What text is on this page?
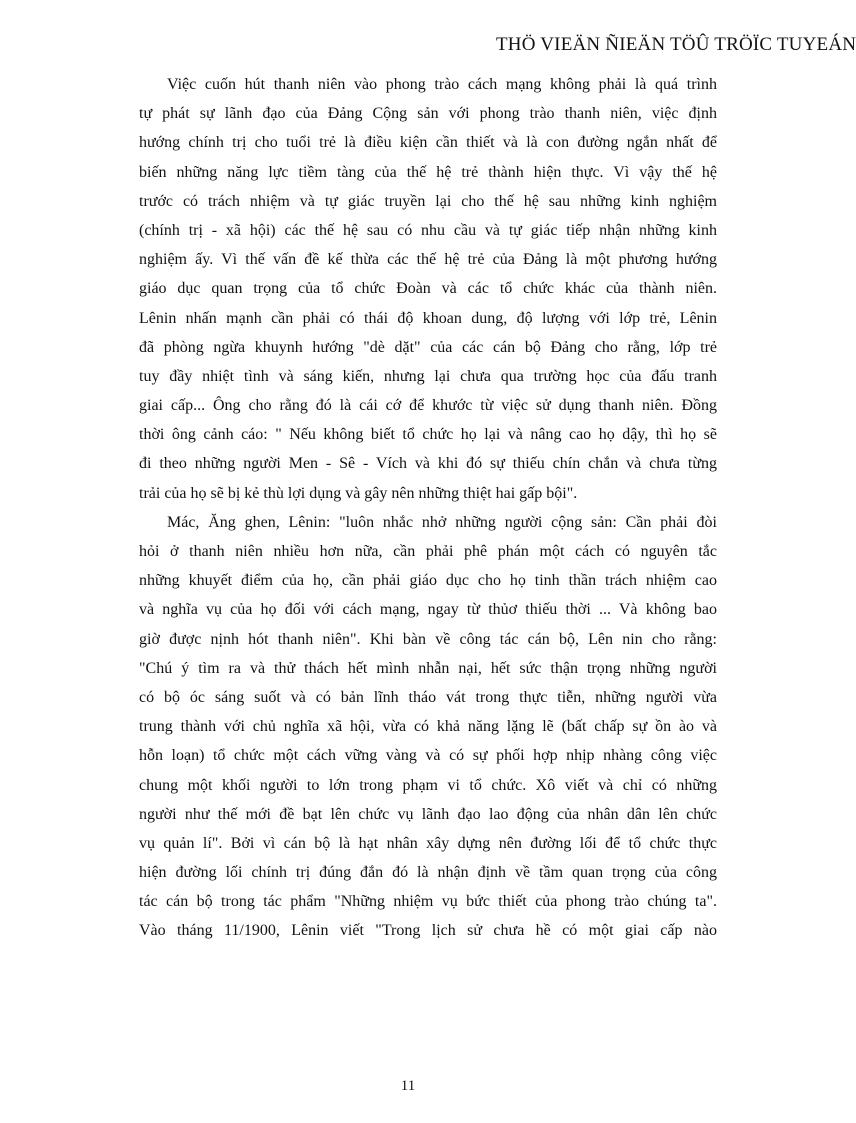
THÖ VIEÄN ÑIEÄN TÖÛ TRÖÏC TUYEÁN
Việc cuốn hút thanh niên vào phong trào cách mạng không phải là quá trình
tự phát sự lãnh đạo của Đảng Cộng sản với phong trào thanh niên, việc định
hướng chính trị cho tuổi trẻ là điều kiện cần thiết và là con đường ngắn nhất để
biến những năng lực tiềm tàng của thế hệ trẻ thành hiện thực. Vì vậy thế hệ
trước có trách nhiệm và tự giác truyền lại cho thế hệ sau những kinh nghiệm
(chính trị - xã hội) các thế hệ sau có nhu cầu và tự giác tiếp nhận những kinh
nghiệm ấy. Vì thế vấn đề kế thừa các thế hệ trẻ của Đảng là một phương hướng
giáo dục quan trọng của tổ chức Đoàn và các tổ chức khác của thành niên.
Lênin nhấn mạnh cần phải có thái độ khoan dung, độ lượng với lớp trẻ, Lênin
đã phòng ngừa khuynh hướng "dè dặt" của các cán bộ Đảng cho rằng, lớp trẻ
tuy đầy nhiệt tình và sáng kiến, nhưng lại chưa qua trường học của đấu tranh
giai cấp... Ông cho rằng đó là cái cớ để khước từ việc sử dụng thanh niên. Đồng
thời ông cảnh cáo: " Nếu không biết tổ chức họ lại và nâng cao họ dậy, thì họ sẽ
đi theo những người Men - Sê - Vích và khi đó sự thiếu chín chắn và chưa từng
trải của họ sẽ bị kẻ thù lợi dụng và gây nên những thiệt hai gấp bội".
Mác, Ăng ghen, Lênin: "luôn nhắc nhở những người cộng sản: Cần phải đòi
hỏi ở thanh niên nhiều hơn nữa, cần phải phê phán một cách có nguyên tắc
những khuyết điểm của họ, cần phải giáo dục cho họ tinh thần trách nhiệm cao
và nghĩa vụ của họ đối với cách mạng, ngay từ thủơ thiếu thời ... Và không bao
giờ được nịnh hót thanh niên". Khi bàn về công tác cán bộ, Lên nin cho rằng:
"Chú ý tìm ra và thử thách hết mình nhẫn nại, hết sức thận trọng những người
có bộ óc sáng suốt và có bản lĩnh tháo vát trong thực tiễn, những người vừa
trung thành với chủ nghĩa xã hội, vừa có khả năng lặng lẽ (bất chấp sự ồn ào và
hỗn loạn) tổ chức một cách vững vàng và có sự phối hợp nhịp nhàng công việc
chung một khối người to lớn trong phạm vi tổ chức. Xô viết và chỉ có những
người như thế mới đề bạt lên chức vụ lãnh đạo lao động của nhân dân lên chức
vụ quản lí". Bởi vì cán bộ là hạt nhân xây dựng nên đường lối để tổ chức thực
hiện đường lối chính trị đúng đắn đó là nhận định về tầm quan trọng của công
tác cán bộ trong tác phẩm "Những nhiệm vụ bức thiết của phong trào chúng ta".
Vào tháng 11/1900, Lênin viết "Trong lịch sử chưa hề có một giai cấp nào
11
